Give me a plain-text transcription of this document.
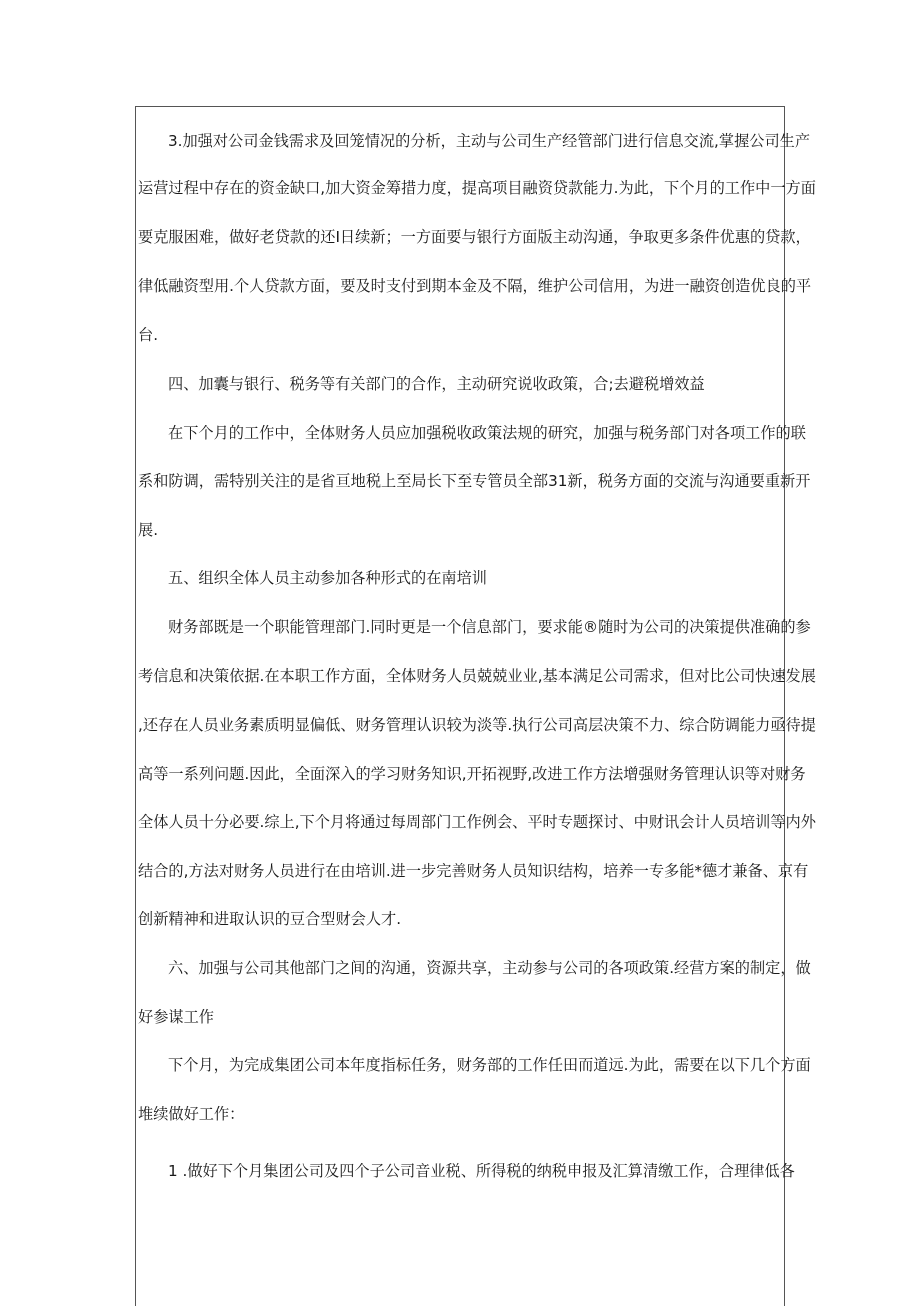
3.加强对公司金钱需求及回笼情况的分析，主动与公司生产经管部门进行信息交流,掌握公司生产
运营过程中存在的资金缺口,加大资金筹措力度，提高项目融资贷款能力.为此，下个月的工作中一方面
要克服困难，做好老贷款的还I日续新；一方面要与银行方面版主动沟通，争取更多条件优惠的贷款，
律低融资型用.个人贷款方面，要及时支付到期本金及不隔，维护公司信用，为进一融资创造优良的平
台.
四、加囊与银行、税务等有关部门的合作，主动研究说收政策，合;去避税增效益
在下个月的工作中，全体财务人员应加强税收政策法规的研究，加强与税务部门对各项工作的联
系和防调，需特别关注的是省亘地税上至局长下至专管员全部31新，税务方面的交流与沟通要重新开
展.
五、组织全体人员主动参加各种形式的在南培训
财务部既是一个职能管理部门.同时更是一个信息部门，要求能®随时为公司的决策提供准确的参
考信息和决策依据.在本职工作方面，全体财务人员兢兢业业,基本满足公司需求，但对比公司快速发展
,还存在人员业务素质明显偏低、财务管理认识较为淡等.执行公司高层决策不力、综合防调能力亟待提
高等一系列问题.因此，全面深入的学习财务知识,开拓视野,改进工作方法增强财务管理认识等对财务
全体人员十分必要.综上,下个月将通过每周部门工作例会、平时专题探讨、中财讯会计人员培训等内外
结合的,方法对财务人员进行在由培训.进一步完善财务人员知识结构，培养一专多能*德才兼备、京有
创新精神和进取认识的豆合型财会人才.
六、加强与公司其他部门之间的沟通，资源共享，主动参与公司的各项政策.经营方案的制定，做
好参谋工作
下个月，为完成集团公司本年度指标任务，财务部的工作任田而道远.为此，需要在以下几个方面
堆续做好工作：
1 .做好下个月集团公司及四个子公司音业税、所得税的纳税申报及汇算清缴工作，合理律低各
